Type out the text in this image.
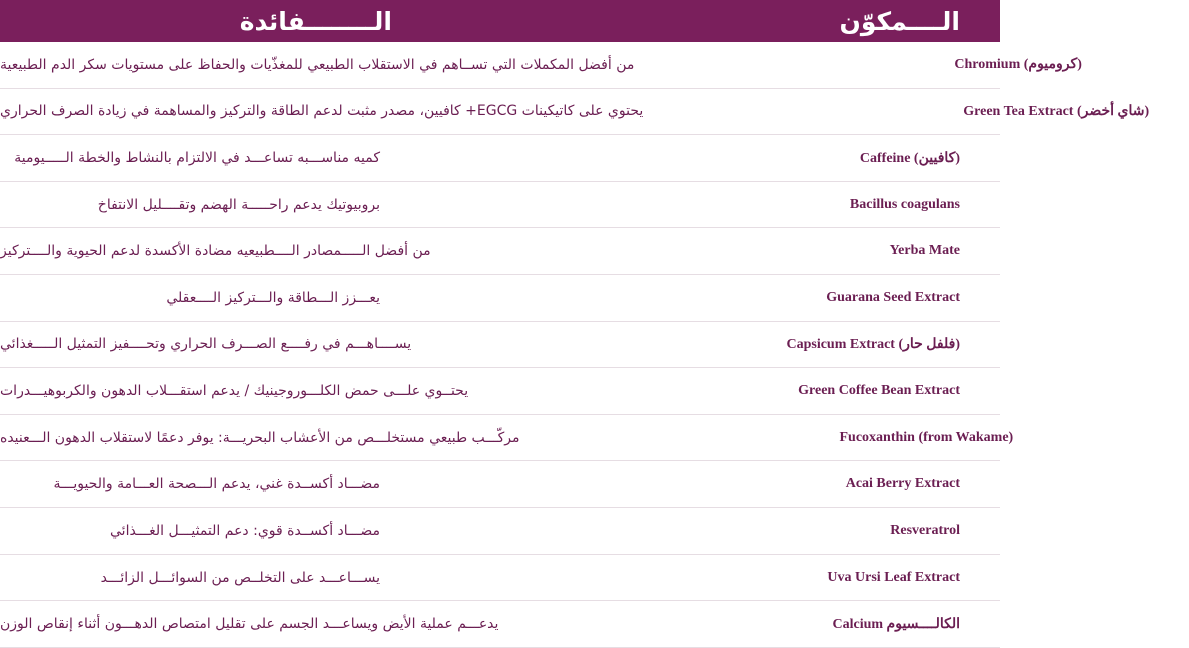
الــــــــفائدة	الــــمكوّن
من أفضل المكملات التي تســاهم في الاستقلاب الطبيعي للمغذّيات والحفاظ على مستويات سكر الدم الطبيعية	Chromium (كروميوم)
يحتوي على كاتيكينات EGCG+ كافيين، مصدر مثبت لدعم الطاقة والتركيز والمساهمة في زيادة الصرف الحراري	Green Tea Extract (شاي أخضر)
كميه مناســـبه تساعـــد في الالتزام بالنشاط والخطة الـــــيومية	Caffeine (كافيين)
بروبيوتيك يدعم راحـــــة الهضم وتقــــليل الانتفاخ	Bacillus coagulans
من أفضل الـــــمصادر الــــطبيعيه مضادة الأكسدة لدعم الحيوية والــــتركيز	Yerba Mate
يعـــزز الـــطاقة والـــتركيز الــــعقلي	Guarana Seed Extract
يســــاهـــم في رفــــع الصـــرف الحراري وتحــــفيز التمثيل الـــــغذائي	Capsicum Extract (فلفل حار)
يحتــوي علـــى حمض الكلـــوروجينيك / يدعم استقـــلاب الدهون والكربوهيـــدرات	Green Coffee Bean Extract
مركّـــب طبيعي مستخلـــص من الأعشاب البحريـــة: يوفر دعمًا لاستقلاب الدهون الـــعنيده	Fucoxanthin (from Wakame)
مضـــاد أكســدة غني، يدعم الـــصحة العـــامة والحيويـــة	Acai Berry Extract
مضـــاد أكســدة قوي: دعم التمثيـــل الغـــذائي	Resveratrol
يســـاعـــد على التخلــص من السوائـــل الزائـــد	Uva Ursi Leaf Extract
يدعـــم عملية الأيض ويساعـــد الجسم على تقليل امتصاص الدهـــون أثناء إنقاص الوزن	Calcium الكالــــسيوم
